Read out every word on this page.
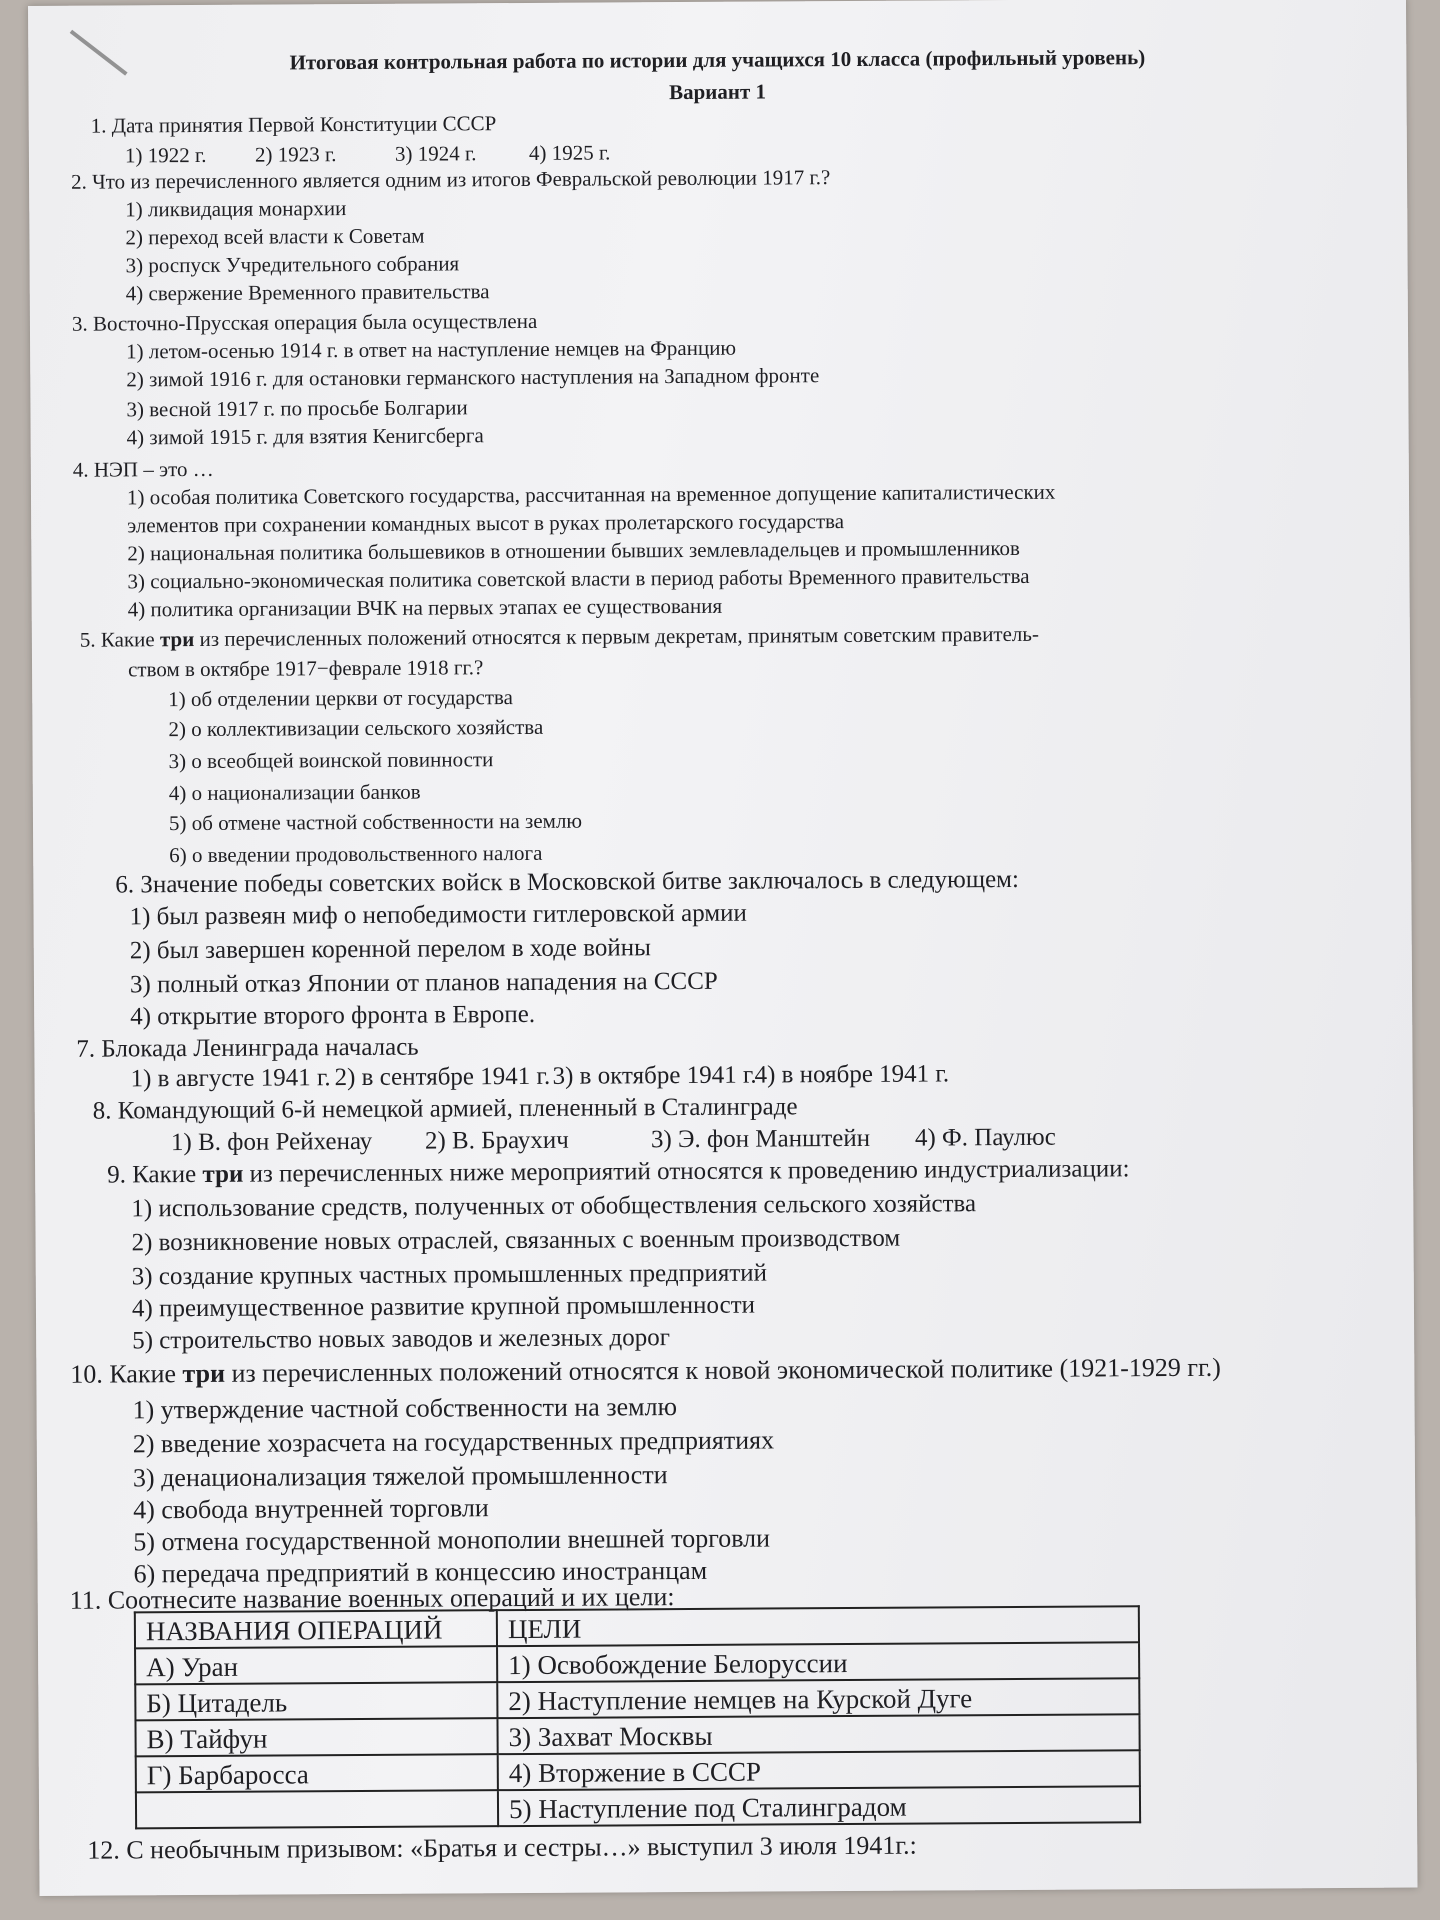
Итоговая контрольная работа по истории для учащихся 10 класса (профильный уровень)
Вариант 1
1. Дата принятия Первой Конституции СССР
1) 1922 г. 2) 1923 г.	3) 1924 г. 4) 1925 г.
2. Что из перечисленного является одним из итогов Февральской революции 1917 г.?
1) ликвидация монархии
2) переход всей власти к Советам
3) роспуск Учредительного собрания
4) свержение Временного правительства
3. Восточно-Прусская операция была осуществлена
1) летом-осенью 1914 г. в ответ на наступление немцев на Францию
2) зимой 1916 г. для остановки германского наступления на Западном фронте
3) весной 1917 г. по просьбе Болгарии
4) зимой 1915 г. для взятия Кенигсберга
4. НЭП – это …
1) особая политика Советского государства, рассчитанная на временное допущение капиталистических
элементов при сохранении командных высот в руках пролетарского государства
2) национальная политика большевиков в отношении бывших землевладельцев и промышленников
3) социально-экономическая политика советской власти в период работы Временного правительства
4) политика организации ВЧК на первых этапах ее существования
5. Какие три из перечисленных положений относятся к первым декретам, принятым советским правитель-
ством в октябре 1917−феврале 1918 гг.?
1) об отделении церкви от государства
2) о коллективизации сельского хозяйства
3) о всеобщей воинской повинности
4) о национализации банков
5) об отмене частной собственности на землю
6) о введении продовольственного налога
6. Значение победы советских войск в Московской битве заключалось в следующем:
1) был развеян миф о непобедимости гитлеровской армии
2) был завершен коренной перелом в ходе войны
3) полный отказ Японии от планов нападения на СССР
4) открытие второго фронта в Европе.
7. Блокада Ленинграда началась
1) в августе 1941 г. 2) в сентябре 1941 г. 3) в октябре 1941 г.
4) в ноябре 1941 г.
8. Командующий 6-й немецкой армией, плененный в Сталинграде
1) В. фон Рейхенау 2) В. Браухич	3) Э. фон Манштейн 4) Ф. Паулюс
9. Какие три из перечисленных ниже мероприятий относятся к проведению индустриализации:
1) использование средств, полученных от обобществления сельского хозяйства
2) возникновение новых отраслей, связанных с военным производством
3) создание крупных частных промышленных предприятий
4) преимущественное развитие крупной промышленности
5) строительство новых заводов и железных дорог
10. Какие три из перечисленных положений относятся к новой экономической политике (1921-1929 гг.)
1) утверждение частной собственности на землю
2) введение хозрасчета на государственных предприятиях
3) денационализация тяжелой промышленности
4) свобода внутренней торговли
5) отмена государственной монополии внешней торговли
6) передача предприятий в концессию иностранцам
11. Соотнесите название военных операций и их цели:
НАЗВАНИЯ ОПЕРАЦИЙ	ЦЕЛИ
А) Уран	1) Освобождение Белоруссии
Б) Цитадель	2) Наступление немцев на Курской Дуге
В) Тайфун	3) Захват Москвы
Г) Барбаросса	4) Вторжение в СССР
	5) Наступление под Сталинградом
12. С необычным призывом: «Братья и сестры…» выступил 3 июля 1941г.:
